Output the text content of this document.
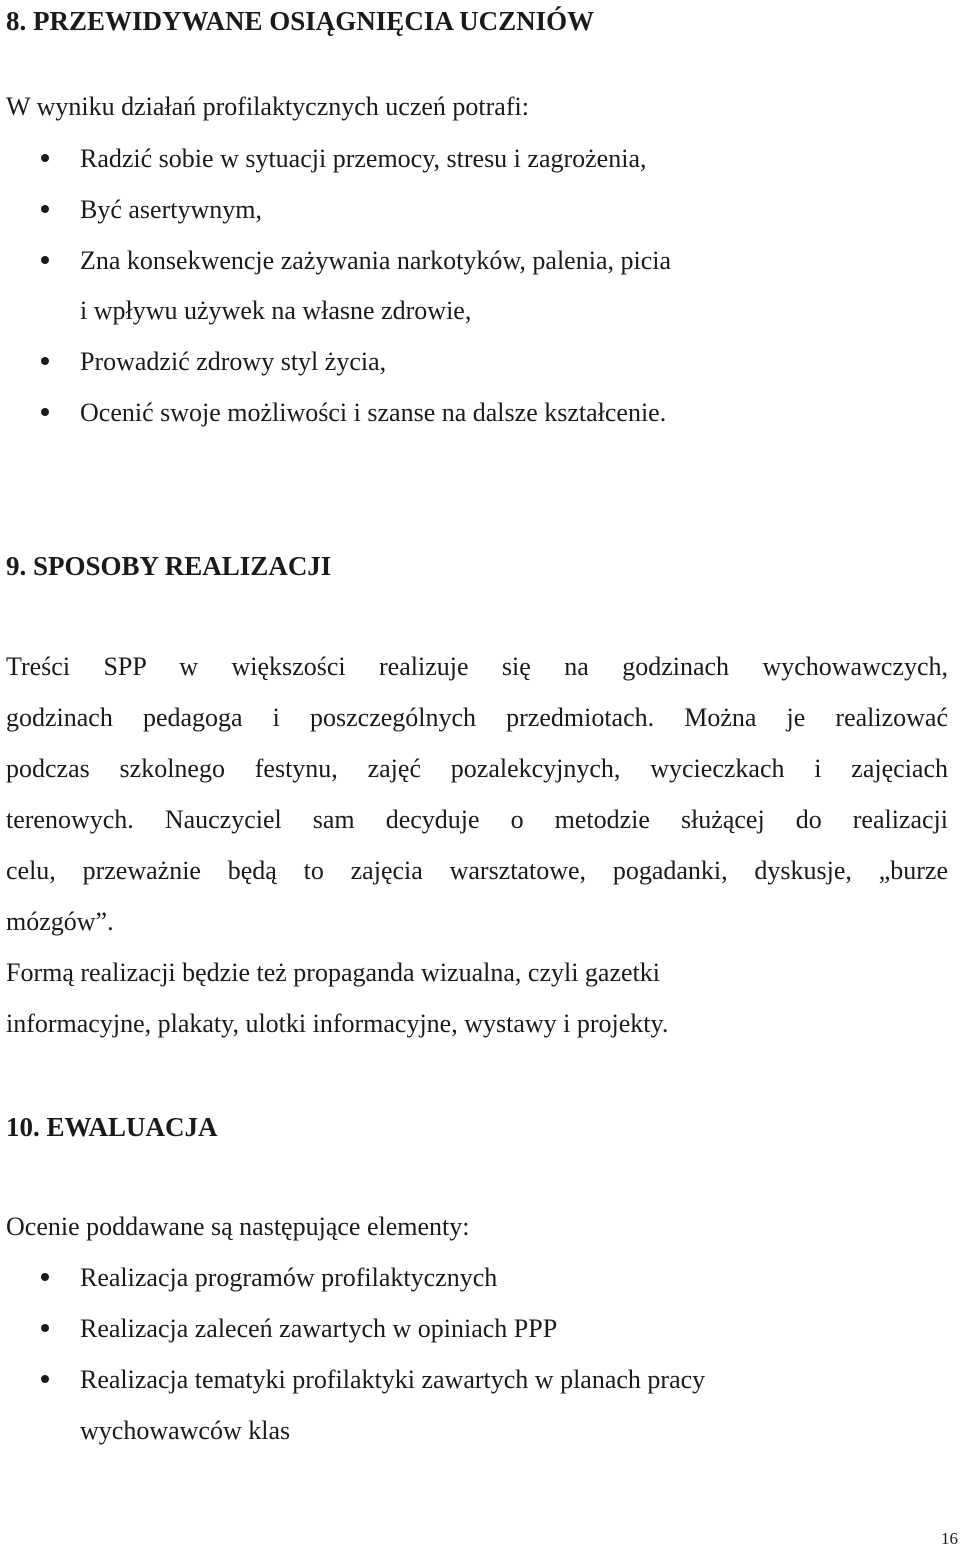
8. PRZEWIDYWANE OSIĄGNIĘCIA UCZNIÓW
W wyniku działań profilaktycznych uczeń potrafi:
Radzić sobie w sytuacji przemocy, stresu i zagrożenia,
Być asertywnym,
Zna konsekwencje zażywania narkotyków, palenia, picia
i wpływu używek na własne zdrowie,
Prowadzić zdrowy styl życia,
Ocenić swoje możliwości i szanse na dalsze kształcenie.
9. SPOSOBY REALIZACJI
Treści SPP w większości realizuje się na godzinach wychowawczych,
godzinach pedagoga i poszczególnych przedmiotach. Można je realizować
podczas szkolnego festynu, zajęć pozalekcyjnych, wycieczkach i zajęciach
terenowych. Nauczyciel sam decyduje o metodzie służącej do realizacji
celu, przeważnie będą to zajęcia warsztatowe, pogadanki, dyskusje, „burze
mózgów”.
Formą realizacji będzie też propaganda wizualna, czyli gazetki
informacyjne, plakaty, ulotki informacyjne, wystawy i projekty.
10. EWALUACJA
Ocenie poddawane są następujące elementy:
Realizacja programów profilaktycznych
Realizacja zaleceń zawartych w opiniach PPP
Realizacja tematyki profilaktyki zawartych w planach pracy
wychowawców klas
16
